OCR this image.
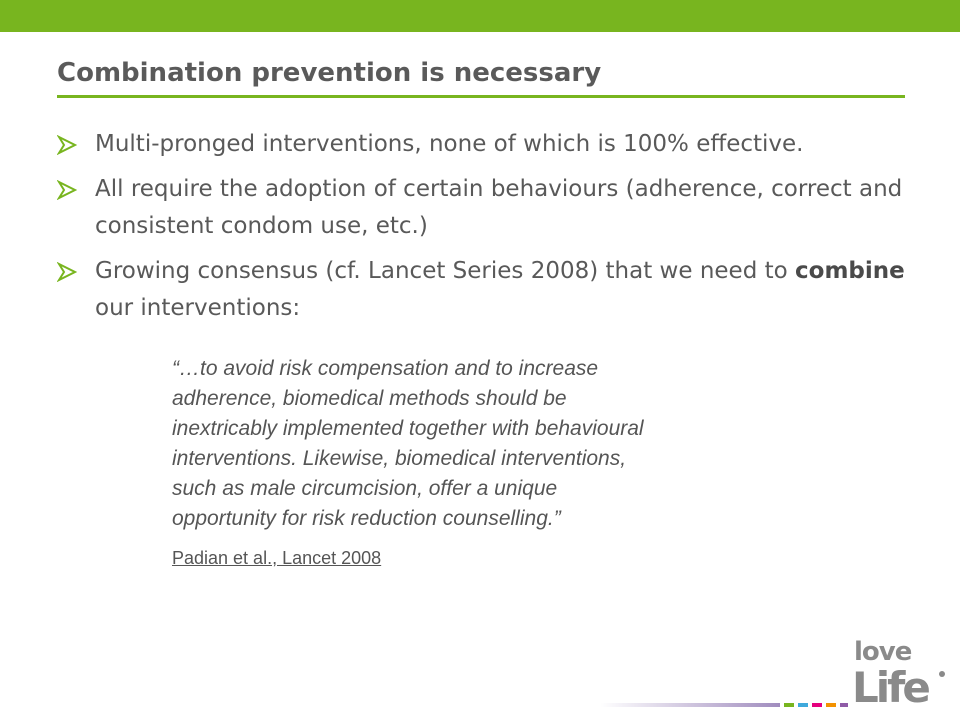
Combination prevention is necessary
Multi-pronged interventions, none of which is 100% effective.
All require the adoption of certain behaviours (adherence, correct and consistent condom use, etc.)
Growing consensus (cf. Lancet Series 2008) that we need to combine our interventions:
“…to avoid risk compensation and to increase
adherence, biomedical methods should be
inextricably implemented together with behavioural
interventions. Likewise, biomedical interventions,
such as male circumcision, offer a unique
opportunity for risk reduction counselling.”
Padian et al., Lancet 2008
love
Life
